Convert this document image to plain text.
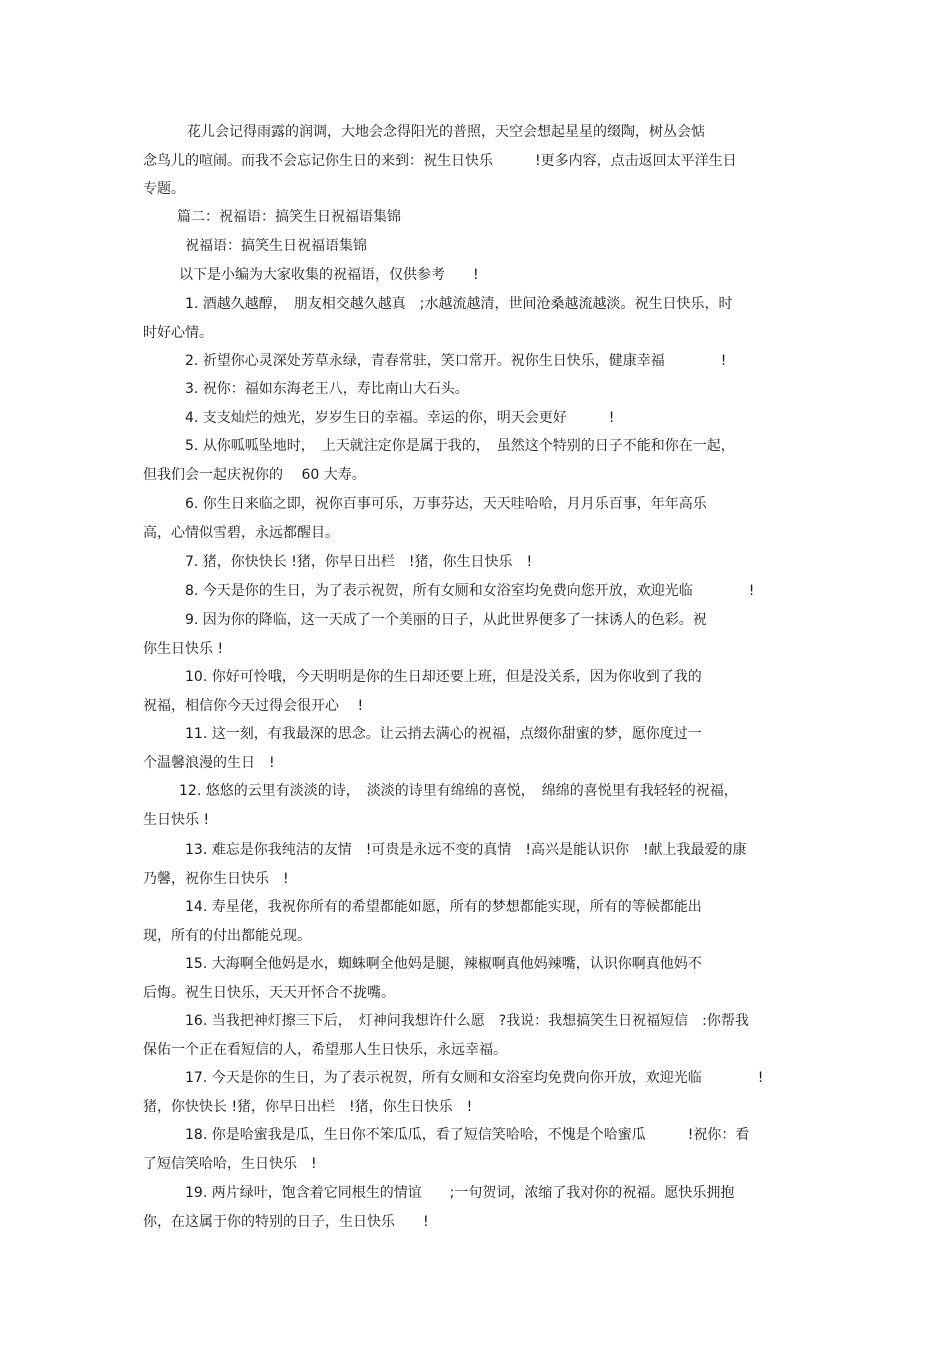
花儿会记得雨露的润调，大地会念得阳光的普照，天空会想起星星的缀陶，树丛会惦
念鸟儿的喧闹。而我不会忘记你生日的来到：祝生日快乐　　　!更多内容，点击返回太平洋生日
专题。

篇二：祝福语：搞笑生日祝福语集锦

祝福语：搞笑生日祝福语集锦

以下是小编为大家收集的祝福语，仅供参考　　!

1. 酒越久越醇，　朋友相交越久越真　;水越流越清，世间沧桑越流越淡。祝生日快乐，时
时好心情。

2. 祈望你心灵深处芳草永绿，青春常驻，笑口常开。祝你生日快乐，健康幸福　　　　!

3. 祝你：福如东海老王八，寿比南山大石头。

4. 支支灿烂的烛光，岁岁生日的幸福。幸运的你，明天会更好　　　!

5. 从你呱呱坠地时，　上天就注定你是属于我的，　虽然这个特别的日子不能和你在一起，
但我们会一起庆祝你的　 60 大寿。

6. 你生日来临之即，祝你百事可乐，万事芬达，天天哇哈哈，月月乐百事，年年高乐
高，心情似雪碧，永远都醒目。

7. 猪，你快快长 !猪，你早日出栏　!猪，你生日快乐　!

8. 今天是你的生日，为了表示祝贺，所有女厕和女浴室均免费向您开放，欢迎光临　　　　!

9. 因为你的降临，这一天成了一个美丽的日子，从此世界便多了一抹诱人的色彩。祝
你生日快乐 !

10. 你好可怜哦，今天明明是你的生日却还要上班，但是没关系，因为你收到了我的
祝福，相信你今天过得会很开心　 !

11. 这一刻，有我最深的思念。让云捎去满心的祝福，点缀你甜蜜的梦，愿你度过一
个温馨浪漫的生日　!

12. 悠悠的云里有淡淡的诗，　淡淡的诗里有绵绵的喜悦，　绵绵的喜悦里有我轻轻的祝福，
生日快乐 !

13. 难忘是你我纯洁的友情　!可贵是永远不变的真情　!高兴是能认识你　!献上我最爱的康
乃馨，祝你生日快乐　!

14. 寿星佬，我祝你所有的希望都能如愿，所有的梦想都能实现，所有的等候都能出
现，所有的付出都能兑现。

15. 大海啊全他妈是水，蜘蛛啊全他妈是腿，辣椒啊真他妈辣嘴，认识你啊真他妈不
后悔。祝生日快乐，天天开怀合不拢嘴。

16. 当我把神灯擦三下后，　灯神问我想许什么愿　?我说：我想搞笑生日祝福短信　:你帮我
保佑一个正在看短信的人，希望那人生日快乐，永远幸福。

17. 今天是你的生日，为了表示祝贺，所有女厕和女浴室均免费向你开放，欢迎光临　　　　!
猪，你快快长 !猪，你早日出栏　!猪，你生日快乐　!

18. 你是哈蜜我是瓜，生日你不笨瓜瓜，看了短信笑哈哈，不愧是个哈蜜瓜　　　!祝你：看
了短信笑哈哈，生日快乐　!

19. 两片绿叶，饱含着它同根生的情谊　　;一句贺词，浓缩了我对你的祝福。愿快乐拥抱
你，在这属于你的特别的日子，生日快乐　　!
